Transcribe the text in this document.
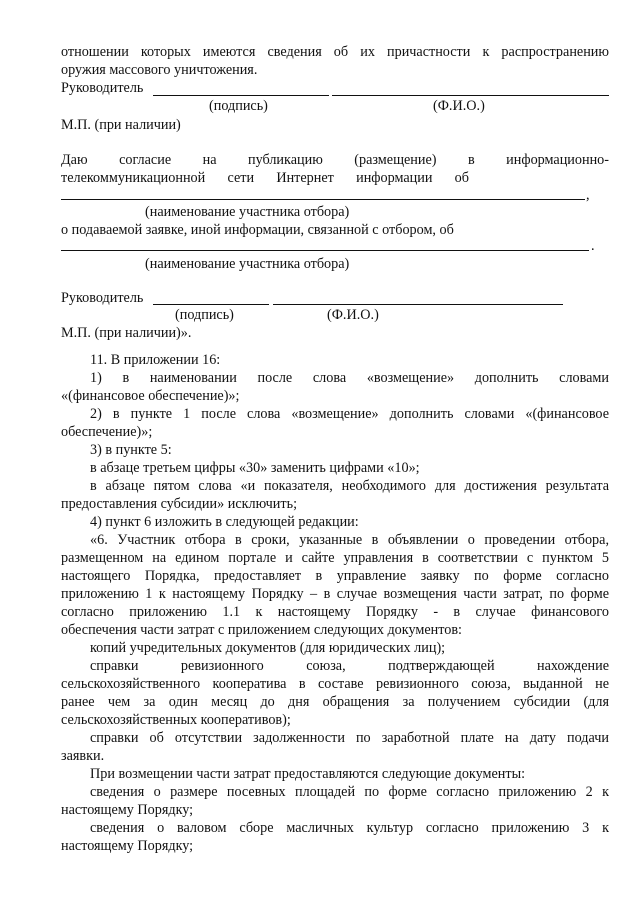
отношении которых имеются сведения об их причастности к распространению
оружия массового уничтожения.
Руководитель
(подпись)	(Ф.И.О.)
М.П. (при наличии)
Даю согласие на публикацию (размещение) в информационно-
телекоммуникационной сети Интернет информации об
,
(наименование участника отбора)
о подаваемой заявке, иной информации, связанной с отбором, об
.
(наименование участника отбора)
Руководитель
(подпись)	(Ф.И.О.)
М.П. (при наличии)».
11. В приложении 16:
1) в наименовании после слова «возмещение» дополнить словами
«(финансовое обеспечение)»;
2) в пункте 1 после слова «возмещение» дополнить словами «(финансовое
обеспечение)»;
3) в пункте 5:
в абзаце третьем цифры «30» заменить цифрами «10»;
в абзаце пятом слова «и показателя, необходимого для достижения результата
предоставления субсидии» исключить;
4) пункт 6 изложить в следующей редакции:
«6. Участник отбора в сроки, указанные в объявлении о проведении отбора,
размещенном на едином портале и сайте управления в соответствии с пунктом 5
настоящего Порядка, предоставляет в управление заявку по форме согласно
приложению 1 к настоящему Порядку – в случае возмещения части затрат, по форме
согласно приложению 1.1 к настоящему Порядку - в случае финансового
обеспечения части затрат с приложением следующих документов:
копий учредительных документов (для юридических лиц);
справки ревизионного союза, подтверждающей нахождение
сельскохозяйственного кооператива в составе ревизионного союза, выданной не
ранее чем за один месяц до дня обращения за получением субсидии (для
сельскохозяйственных кооперативов);
справки об отсутствии задолженности по заработной плате на дату подачи
заявки.
При возмещении части затрат предоставляются следующие документы:
сведения о размере посевных площадей по форме согласно приложению 2 к
настоящему Порядку;
сведения о валовом сборе масличных культур согласно приложению 3 к
настоящему Порядку;
